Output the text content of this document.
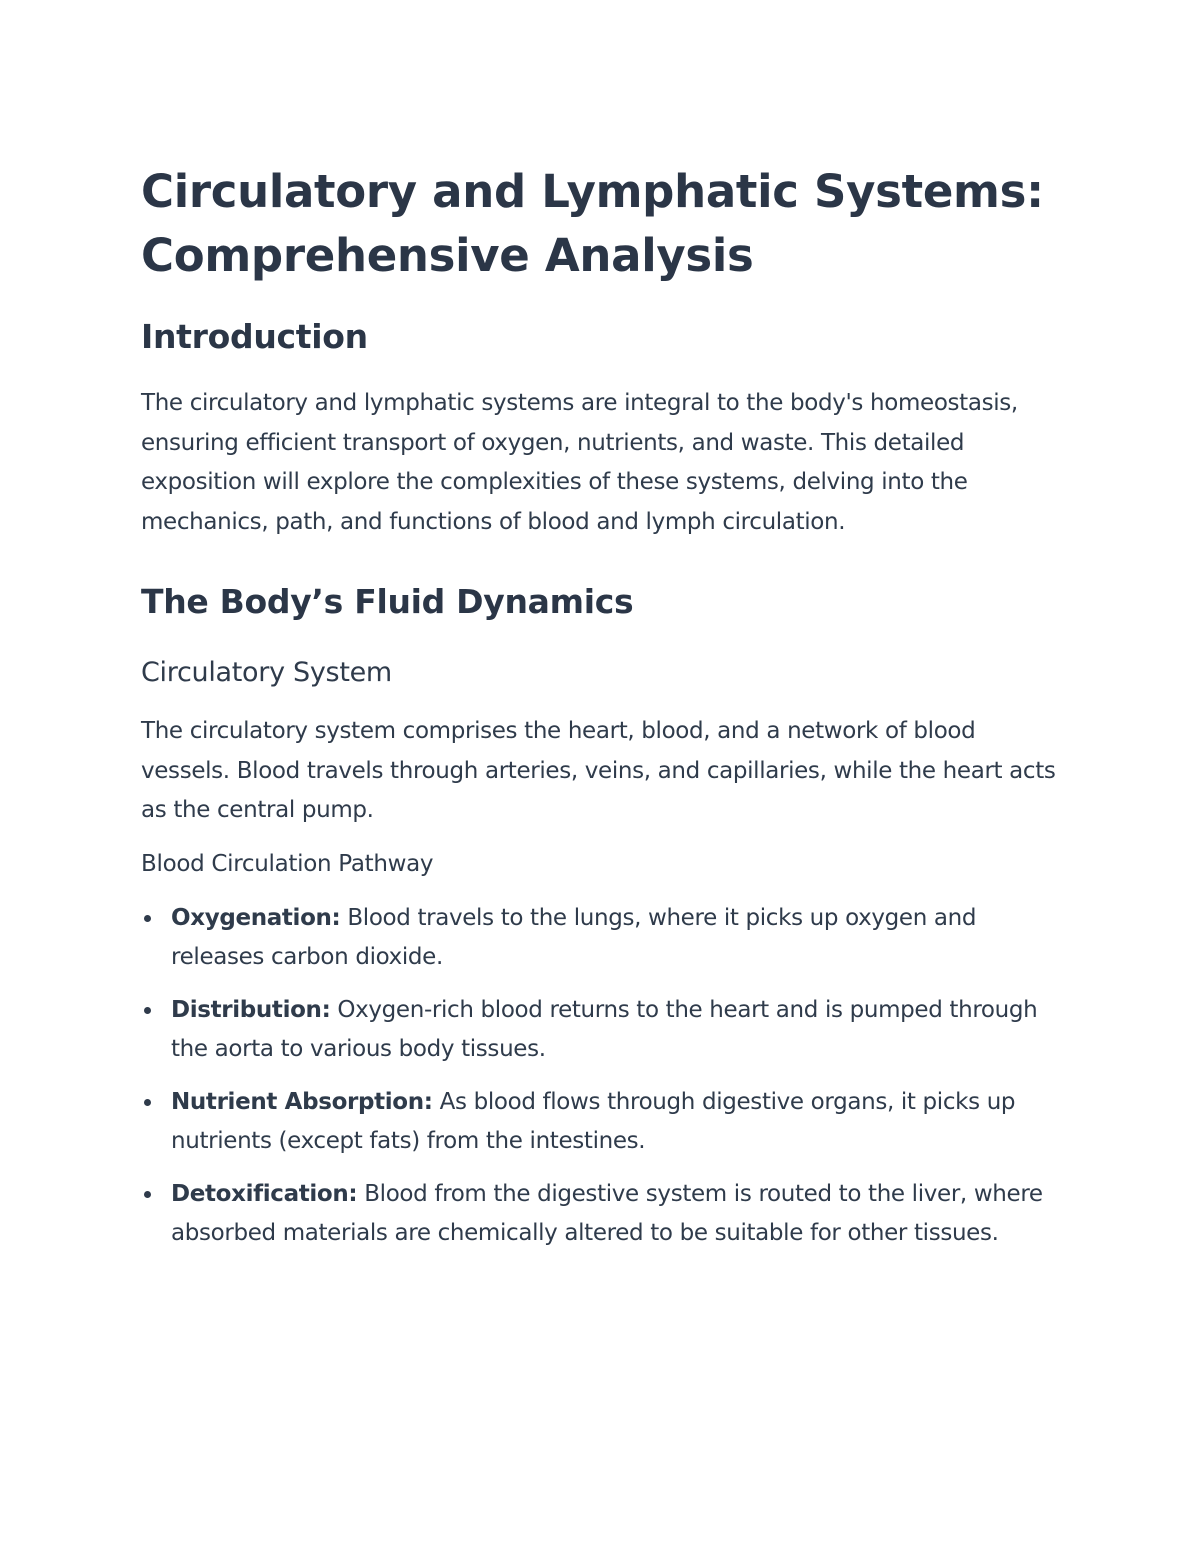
Circulatory and Lymphatic Systems:
Comprehensive Analysis
Introduction

The circulatory and lymphatic systems are integral to the body's homeostasis, ensuring efficient transport of oxygen, nutrients, and waste. This detailed exposition will explore the complexities of these systems, delving into the mechanics, path, and functions of blood and lymph circulation.

The Body’s Fluid Dynamics
Circulatory System

The circulatory system comprises the heart, blood, and a network of blood vessels. Blood travels through arteries, veins, and capillaries, while the heart acts as the central pump.

Blood Circulation Pathway
Oxygenation: Blood travels to the lungs, where it picks up oxygen and releases carbon dioxide.
Distribution: Oxygen-rich blood returns to the heart and is pumped through the aorta to various body tissues.
Nutrient Absorption: As blood flows through digestive organs, it picks up nutrients (except fats) from the intestines.
Detoxification: Blood from the digestive system is routed to the liver, where absorbed materials are chemically altered to be suitable for other tissues.
